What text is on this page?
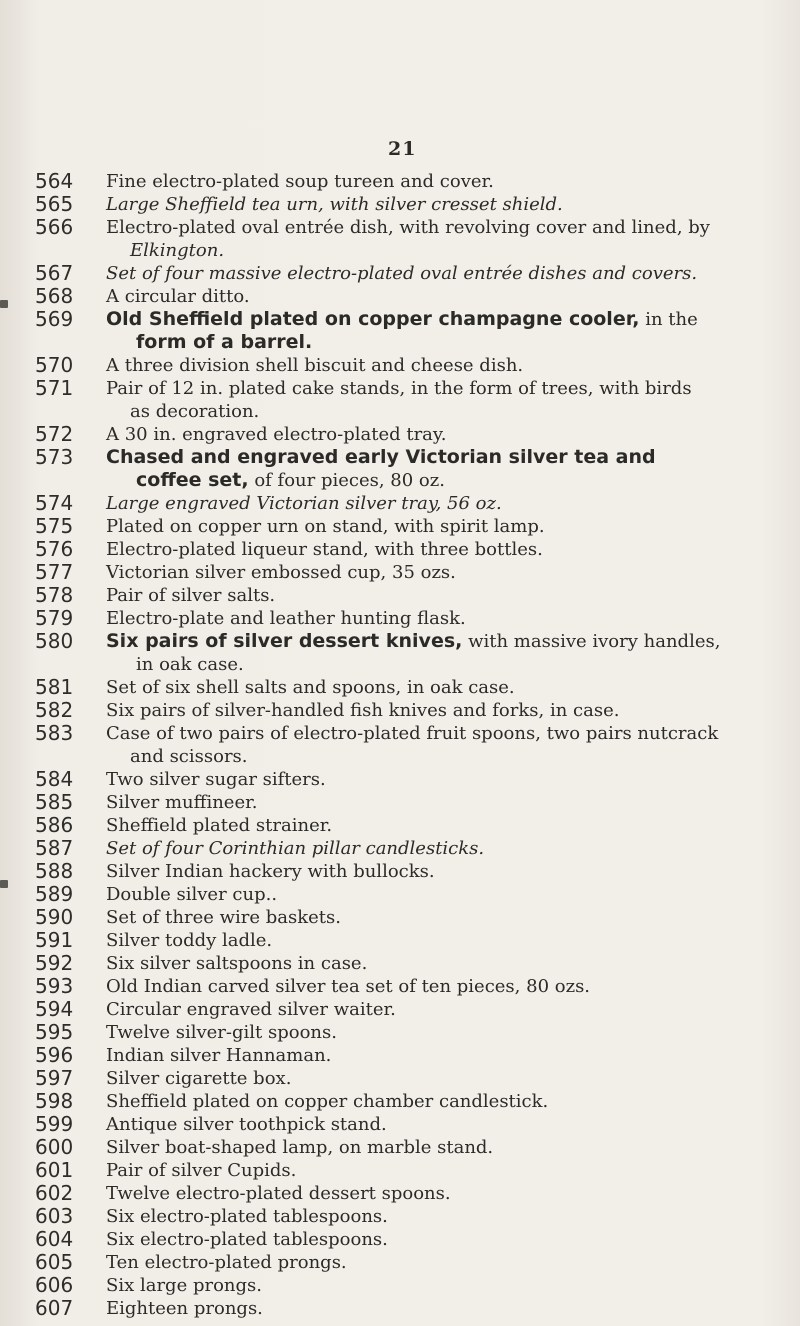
21
564 Fine electro-plated soup tureen and cover.
565 Large Sheffield tea urn, with silver cresset shield.
566 Electro-plated oval entrée dish, with revolving cover and lined, by
Elkington.
567 Set of four massive electro-plated oval entrée dishes and covers.
568 A circular ditto.
569 Old Sheffield plated on copper champagne cooler, in the
form of a barrel.
570 A three division shell biscuit and cheese dish.
571 Pair of 12 in. plated cake stands, in the form of trees, with birds
as decoration.
572 A 30 in. engraved electro-plated tray.
573 Chased and engraved early Victorian silver tea and
coffee set, of four pieces, 80 oz.
574 Large engraved Victorian silver tray, 56 oz.
575 Plated on copper urn on stand, with spirit lamp.
576 Electro-plated liqueur stand, with three bottles.
577 Victorian silver embossed cup, 35 ozs.
578 Pair of silver salts.
579 Electro-plate and leather hunting flask.
580 Six pairs of silver dessert knives, with massive ivory handles,
in oak case.
581 Set of six shell salts and spoons, in oak case.
582 Six pairs of silver-handled fish knives and forks, in case.
583 Case of two pairs of electro-plated fruit spoons, two pairs nutcrack
and scissors.
584 Two silver sugar sifters.
585 Silver muffineer.
586 Sheffield plated strainer.
587 Set of four Corinthian pillar candlesticks.
588 Silver Indian hackery with bullocks.
589 Double silver cup..
590 Set of three wire baskets.
591 Silver toddy ladle.
592 Six silver saltspoons in case.
593 Old Indian carved silver tea set of ten pieces, 80 ozs.
594 Circular engraved silver waiter.
595 Twelve silver-gilt spoons.
596 Indian silver Hannaman.
597 Silver cigarette box.
598 Sheffield plated on copper chamber candlestick.
599 Antique silver toothpick stand.
600 Silver boat-shaped lamp, on marble stand.
601 Pair of silver Cupids.
602 Twelve electro-plated dessert spoons.
603 Six electro-plated tablespoons.
604 Six electro-plated tablespoons.
605 Ten electro-plated prongs.
606 Six large prongs.
607 Eighteen prongs.
